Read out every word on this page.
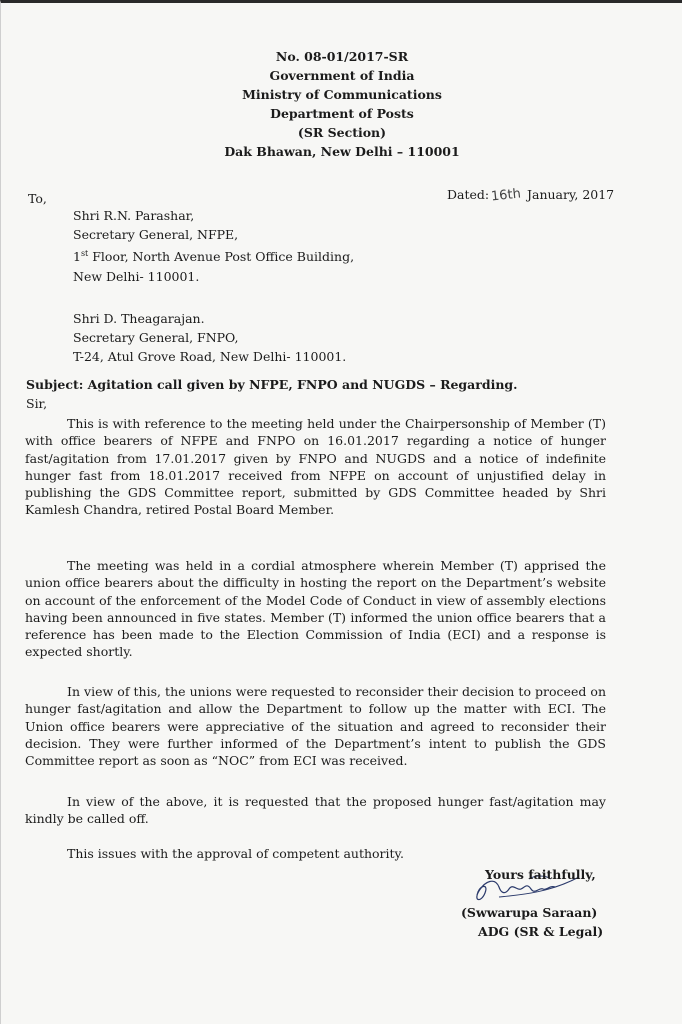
No. 08-01/2017-SR
Government of India
Ministry of Communications
Department of Posts
(SR Section)
Dak Bhawan, New Delhi – 110001
To,	Dated:16th January, 2017
Shri R.N. Parashar,
Secretary General, NFPE,
1st Floor, North Avenue Post Office Building,
New Delhi- 110001.
Shri D. Theagarajan.
Secretary General, FNPO,
T-24, Atul Grove Road, New Delhi- 110001.
Subject: Agitation call given by NFPE, FNPO and NUGDS – Regarding.
Sir,
This is with reference to the meeting held under the Chairpersonship of Member (T) with office bearers of NFPE and FNPO on 16.01.2017 regarding a notice of hunger fast/agitation from 17.01.2017 given by FNPO and NUGDS and a notice of indefinite hunger fast from 18.01.2017 received from NFPE on account of unjustified delay in publishing the GDS Committee report, submitted by GDS Committee headed by Shri Kamlesh Chandra, retired Postal Board Member.
The meeting was held in a cordial atmosphere wherein Member (T) apprised the union office bearers about the difficulty in hosting the report on the Department’s website on account of the enforcement of the Model Code of Conduct in view of assembly elections having been announced in five states. Member (T) informed the union office bearers that a reference has been made to the Election Commission of India (ECI) and a response is expected shortly.
In view of this, the unions were requested to reconsider their decision to proceed on hunger fast/agitation and allow the Department to follow up the matter with ECI. The Union office bearers were appreciative of the situation and agreed to reconsider their decision. They were further informed of the Department’s intent to publish the GDS Committee report as soon as “NOC” from ECI was received.
In view of the above, it is requested that the proposed hunger fast/agitation may kindly be called off.
This issues with the approval of competent authority.
Yours faithfully,
(Swwarupa Saraan)
ADG (SR & Legal)
